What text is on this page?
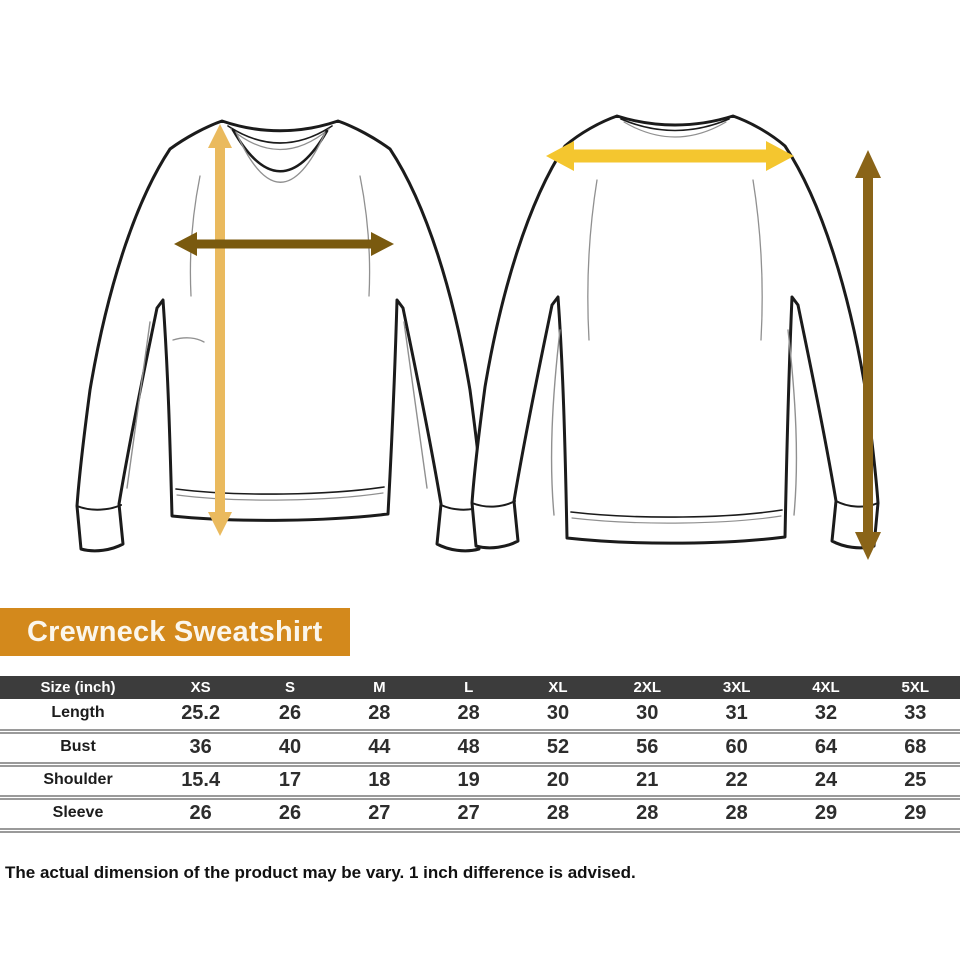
Crewneck Sweatshirt
Size (inch)	XS	S	M	L	XL	2XL	3XL	4XL	5XL
Length	25.2	26	28	28	30	30	31	32	33
Bust	36	40	44	48	52	56	60	64	68
Shoulder	15.4	17	18	19	20	21	22	24	25
Sleeve	26	26	27	27	28	28	28	29	29
The actual dimension of the product may be vary. 1 inch difference is advised.
